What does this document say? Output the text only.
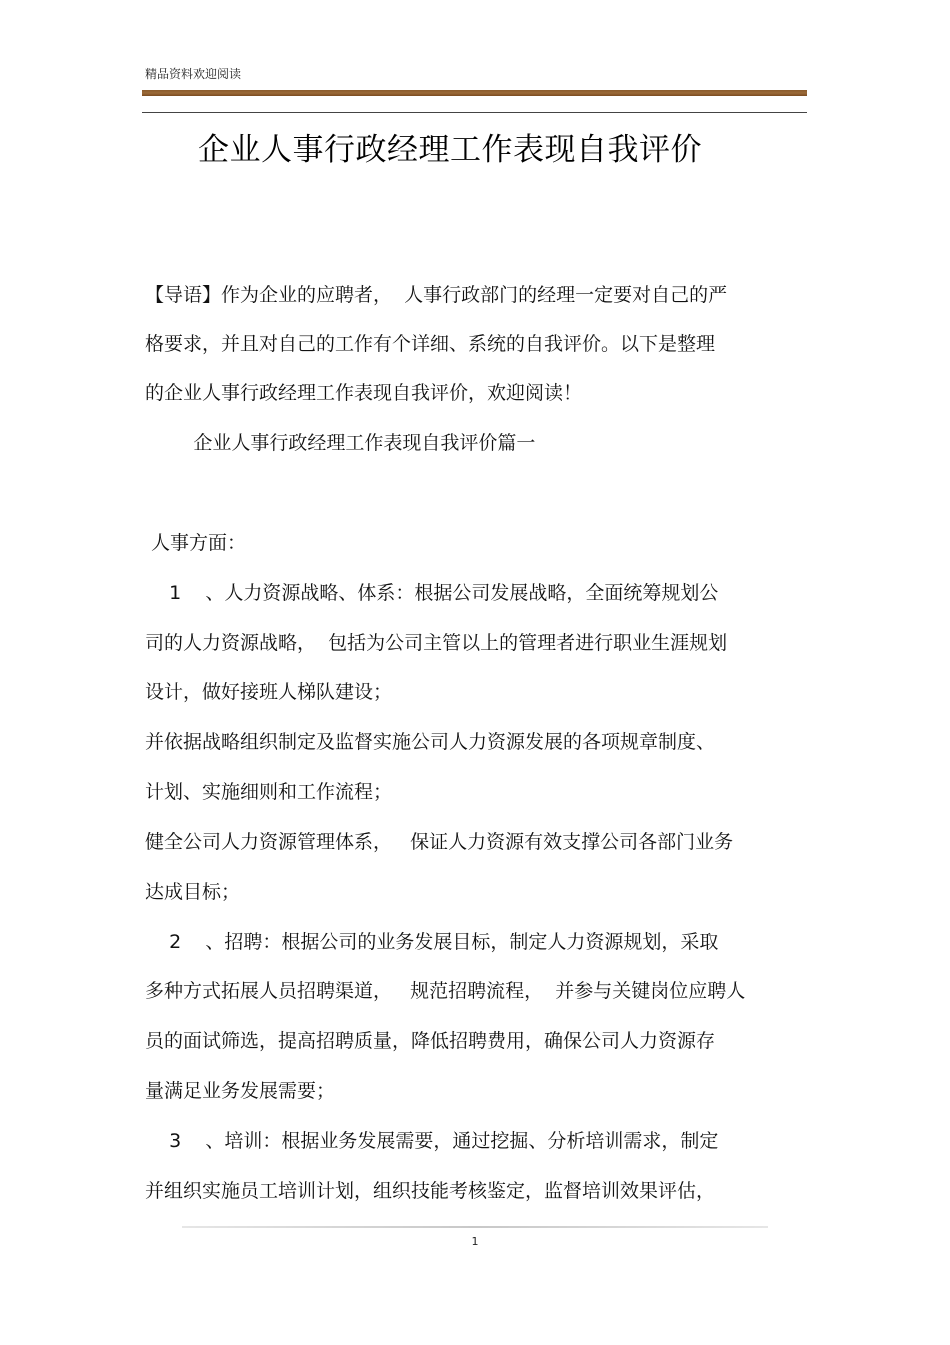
精品资料欢迎阅读
企业人事行政经理工作表现自我评价
【导语】作为企业的应聘者，  人事行政部门的经理一定要对自己的严
格要求，并且对自己的工作有个详细、系统的自我评价。以下是整理
的企业人事行政经理工作表现自我评价，欢迎阅读！
企业人事行政经理工作表现自我评价篇一
人事方面：
1    、人力资源战略、体系：根据公司发展战略，全面统筹规划公
司的人力资源战略，  包括为公司主管以上的管理者进行职业生涯规划
设计，做好接班人梯队建设；
并依据战略组织制定及监督实施公司人力资源发展的各项规章制度、
计划、实施细则和工作流程；
健全公司人力资源管理体系，   保证人力资源有效支撑公司各部门业务
达成目标；
2    、招聘：根据公司的业务发展目标，制定人力资源规划，采取
多种方式拓展人员招聘渠道，   规范招聘流程，  并参与关键岗位应聘人
员的面试筛选，提高招聘质量，降低招聘费用，确保公司人力资源存
量满足业务发展需要；
3    、培训：根据业务发展需要，通过挖掘、分析培训需求，制定
并组织实施员工培训计划，组织技能考核鉴定，监督培训效果评估，
1
